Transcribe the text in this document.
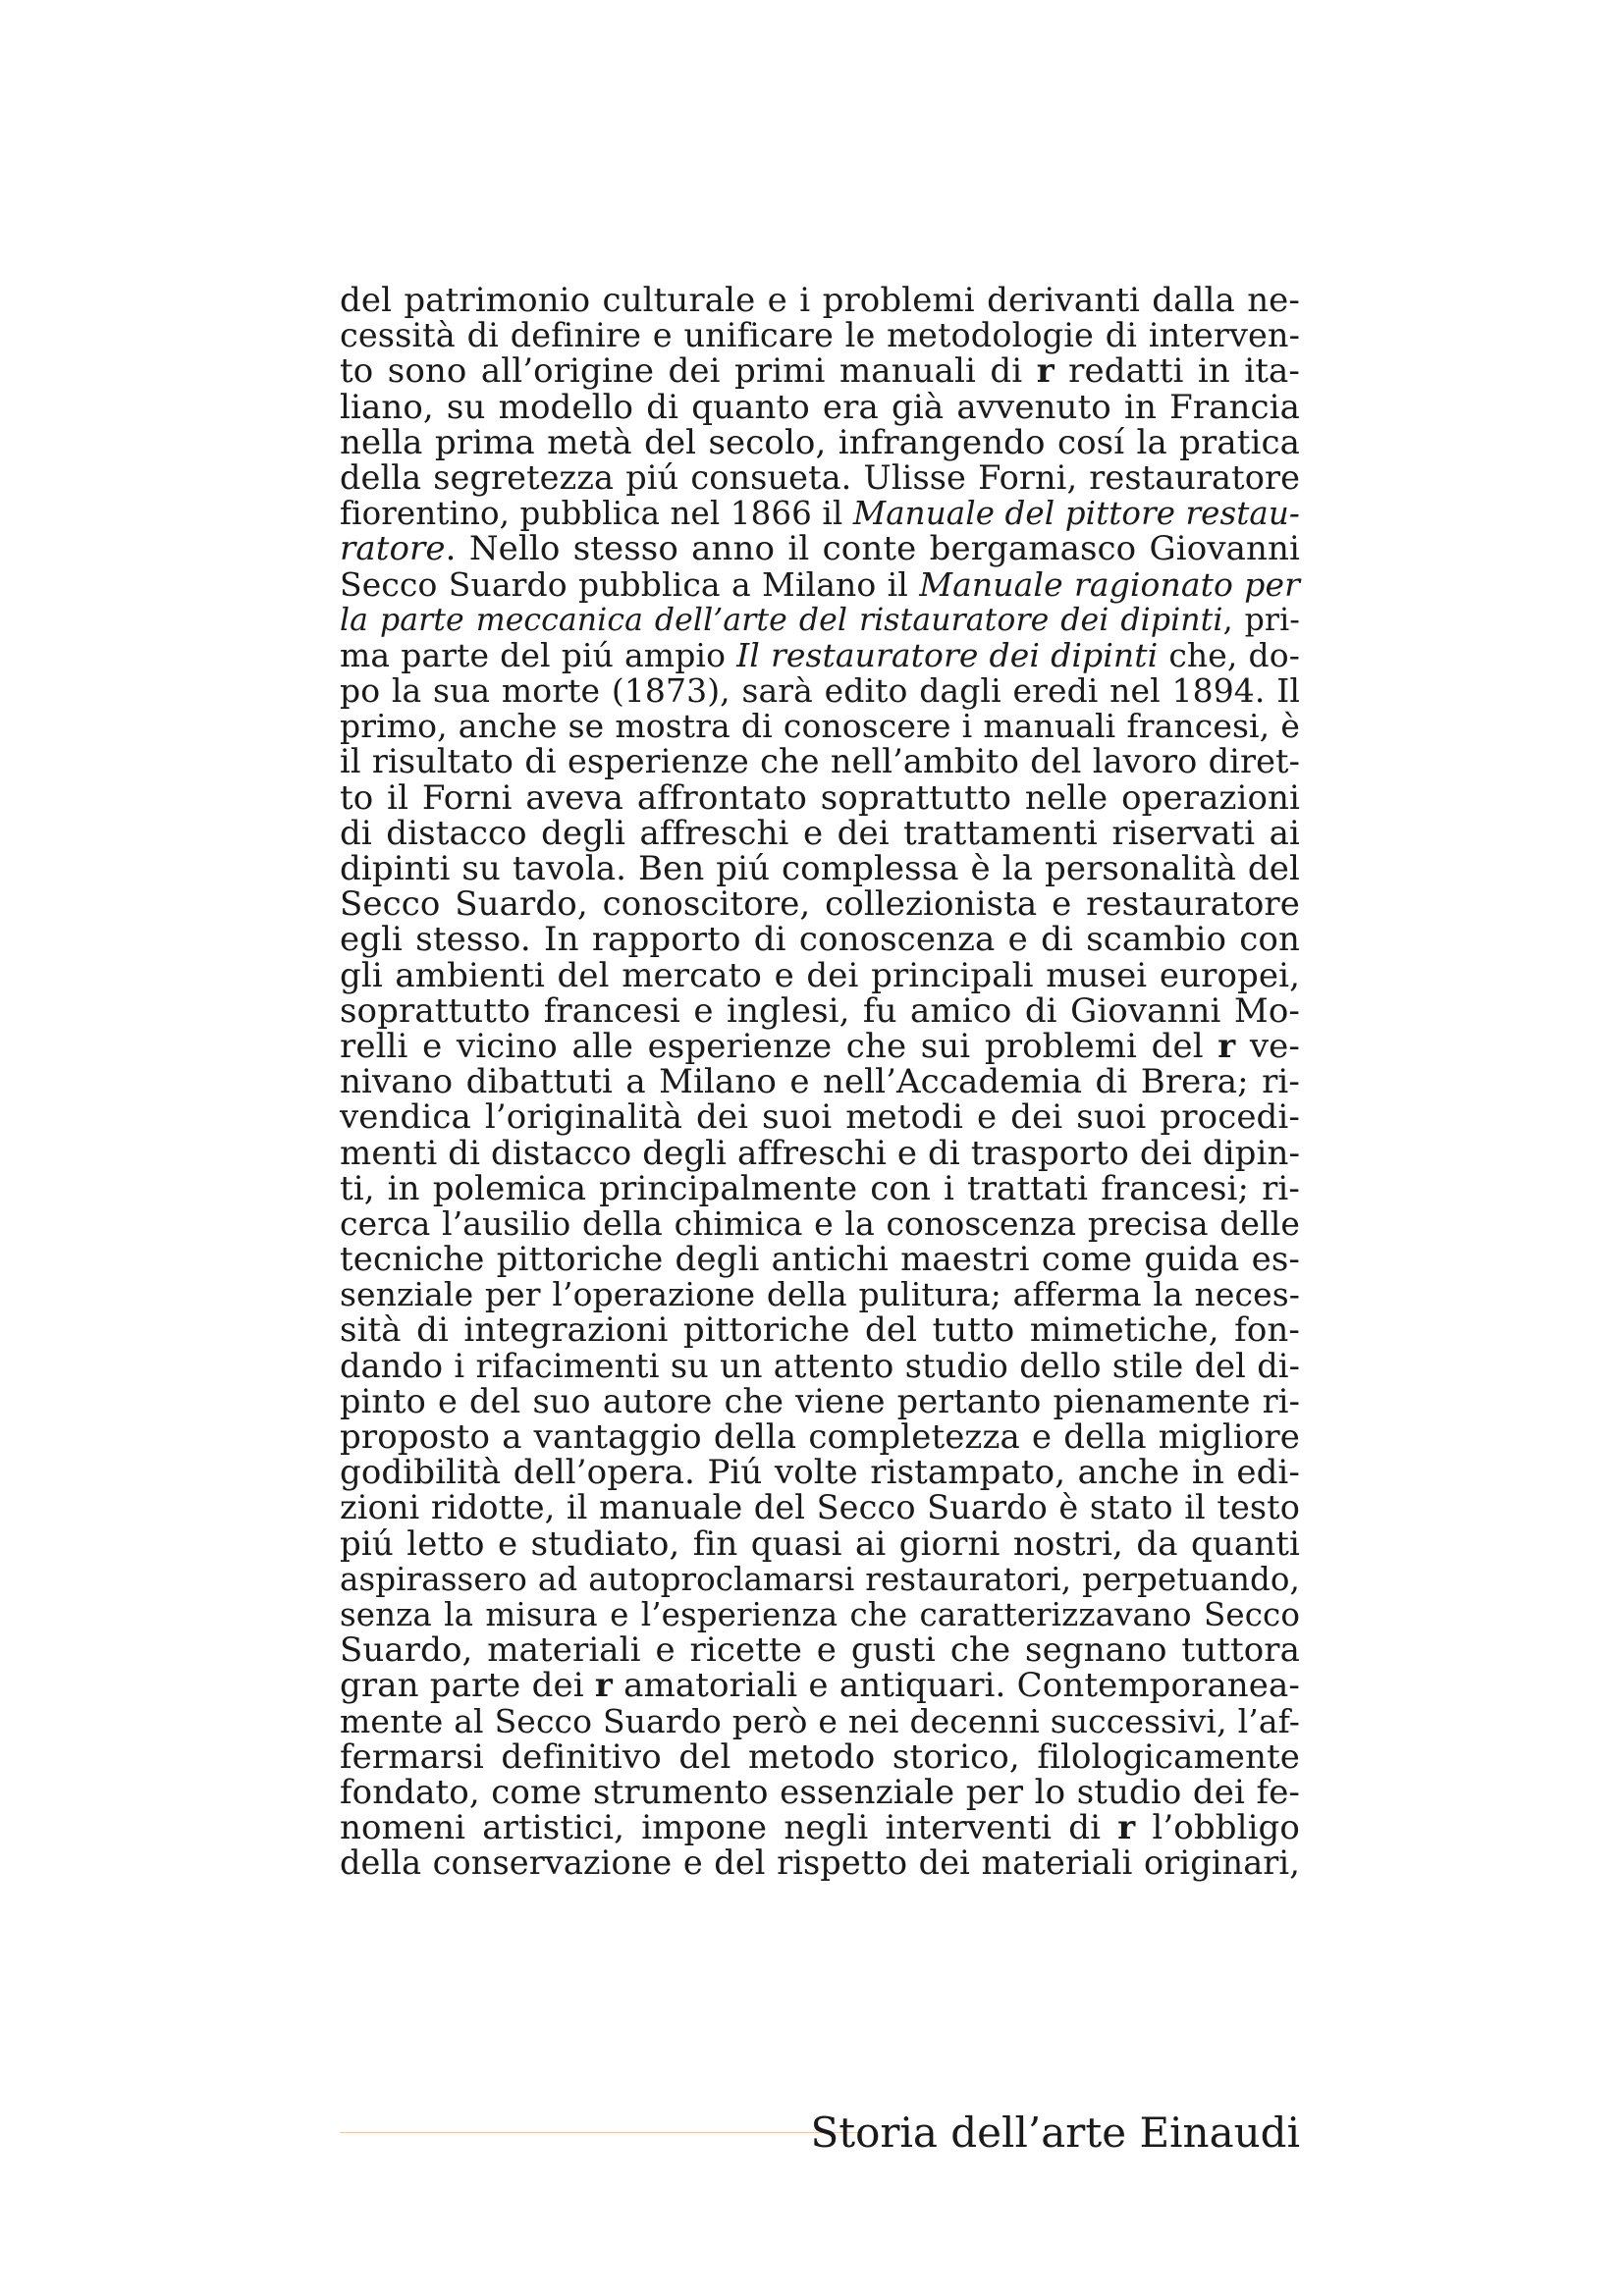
del patrimonio culturale e i problemi derivanti dalla ne-
cessità di definire e unificare le metodologie di interven-
to sono all’origine dei primi manuali di r redatti in ita-
liano, su modello di quanto era già avvenuto in Francia
nella prima metà del secolo, infrangendo cosí la pratica
della segretezza piú consueta. Ulisse Forni, restauratore
fiorentino, pubblica nel 1866 il Manuale del pittore restau-
ratore. Nello stesso anno il conte bergamasco Giovanni
Secco Suardo pubblica a Milano il Manuale ragionato per
la parte meccanica dell’arte del ristauratore dei dipinti, pri-
ma parte del piú ampio Il restauratore dei dipinti che, do-
po la sua morte (1873), sarà edito dagli eredi nel 1894. Il
primo, anche se mostra di conoscere i manuali francesi, è
il risultato di esperienze che nell’ambito del lavoro diret-
to il Forni aveva affrontato soprattutto nelle operazioni
di distacco degli affreschi e dei trattamenti riservati ai
dipinti su tavola. Ben piú complessa è la personalità del
Secco Suardo, conoscitore, collezionista e restauratore
egli stesso. In rapporto di conoscenza e di scambio con
gli ambienti del mercato e dei principali musei europei,
soprattutto francesi e inglesi, fu amico di Giovanni Mo-
relli e vicino alle esperienze che sui problemi del r ve-
nivano dibattuti a Milano e nell’Accademia di Brera; ri-
vendica l’originalità dei suoi metodi e dei suoi procedi-
menti di distacco degli affreschi e di trasporto dei dipin-
ti, in polemica principalmente con i trattati francesi; ri-
cerca l’ausilio della chimica e la conoscenza precisa delle
tecniche pittoriche degli antichi maestri come guida es-
senziale per l’operazione della pulitura; afferma la neces-
sità di integrazioni pittoriche del tutto mimetiche, fon-
dando i rifacimenti su un attento studio dello stile del di-
pinto e del suo autore che viene pertanto pienamente ri-
proposto a vantaggio della completezza e della migliore
godibilità dell’opera. Piú volte ristampato, anche in edi-
zioni ridotte, il manuale del Secco Suardo è stato il testo
piú letto e studiato, fin quasi ai giorni nostri, da quanti
aspirassero ad autoproclamarsi restauratori, perpetuando,
senza la misura e l’esperienza che caratterizzavano Secco
Suardo, materiali e ricette e gusti che segnano tuttora
gran parte dei r amatoriali e antiquari. Contemporanea-
mente al Secco Suardo però e nei decenni successivi, l’af-
fermarsi definitivo del metodo storico, filologicamente
fondato, come strumento essenziale per lo studio dei fe-
nomeni artistici, impone negli interventi di r l’obbligo
della conservazione e del rispetto dei materiali originari,
Storia dell’arte Einaudi
